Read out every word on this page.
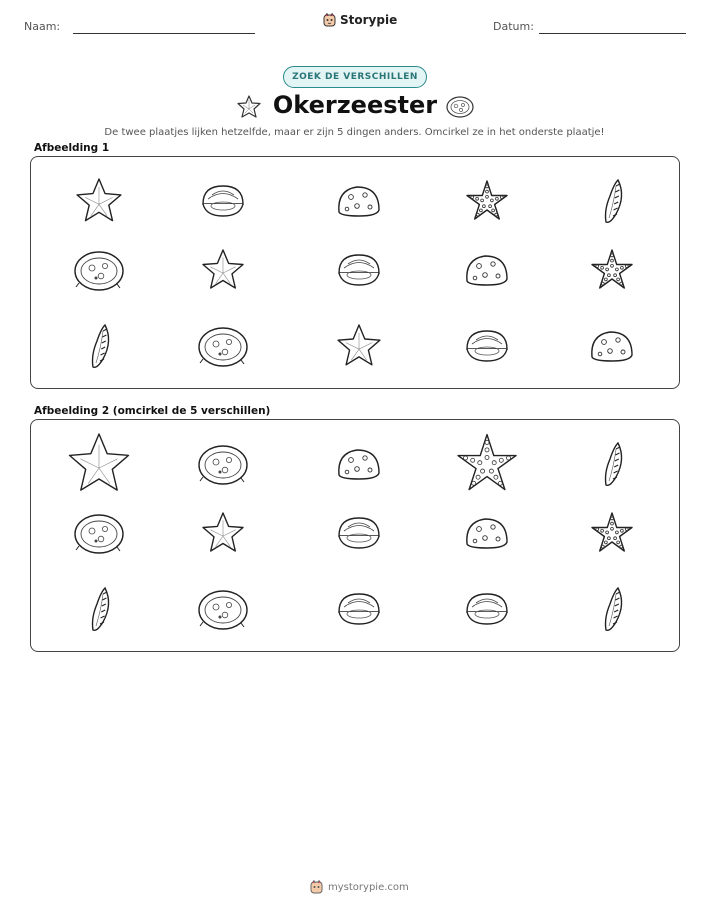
Naam:	Storypie	Datum:
ZOEK DE VERSCHILLEN
Okerzeester
De twee plaatjes lijken hetzelfde, maar er zijn 5 dingen anders. Omcirkel ze in het onderste plaatje!
Afbeelding 1
Afbeelding 2 (omcirkel de 5 verschillen)
mystorypie.com
